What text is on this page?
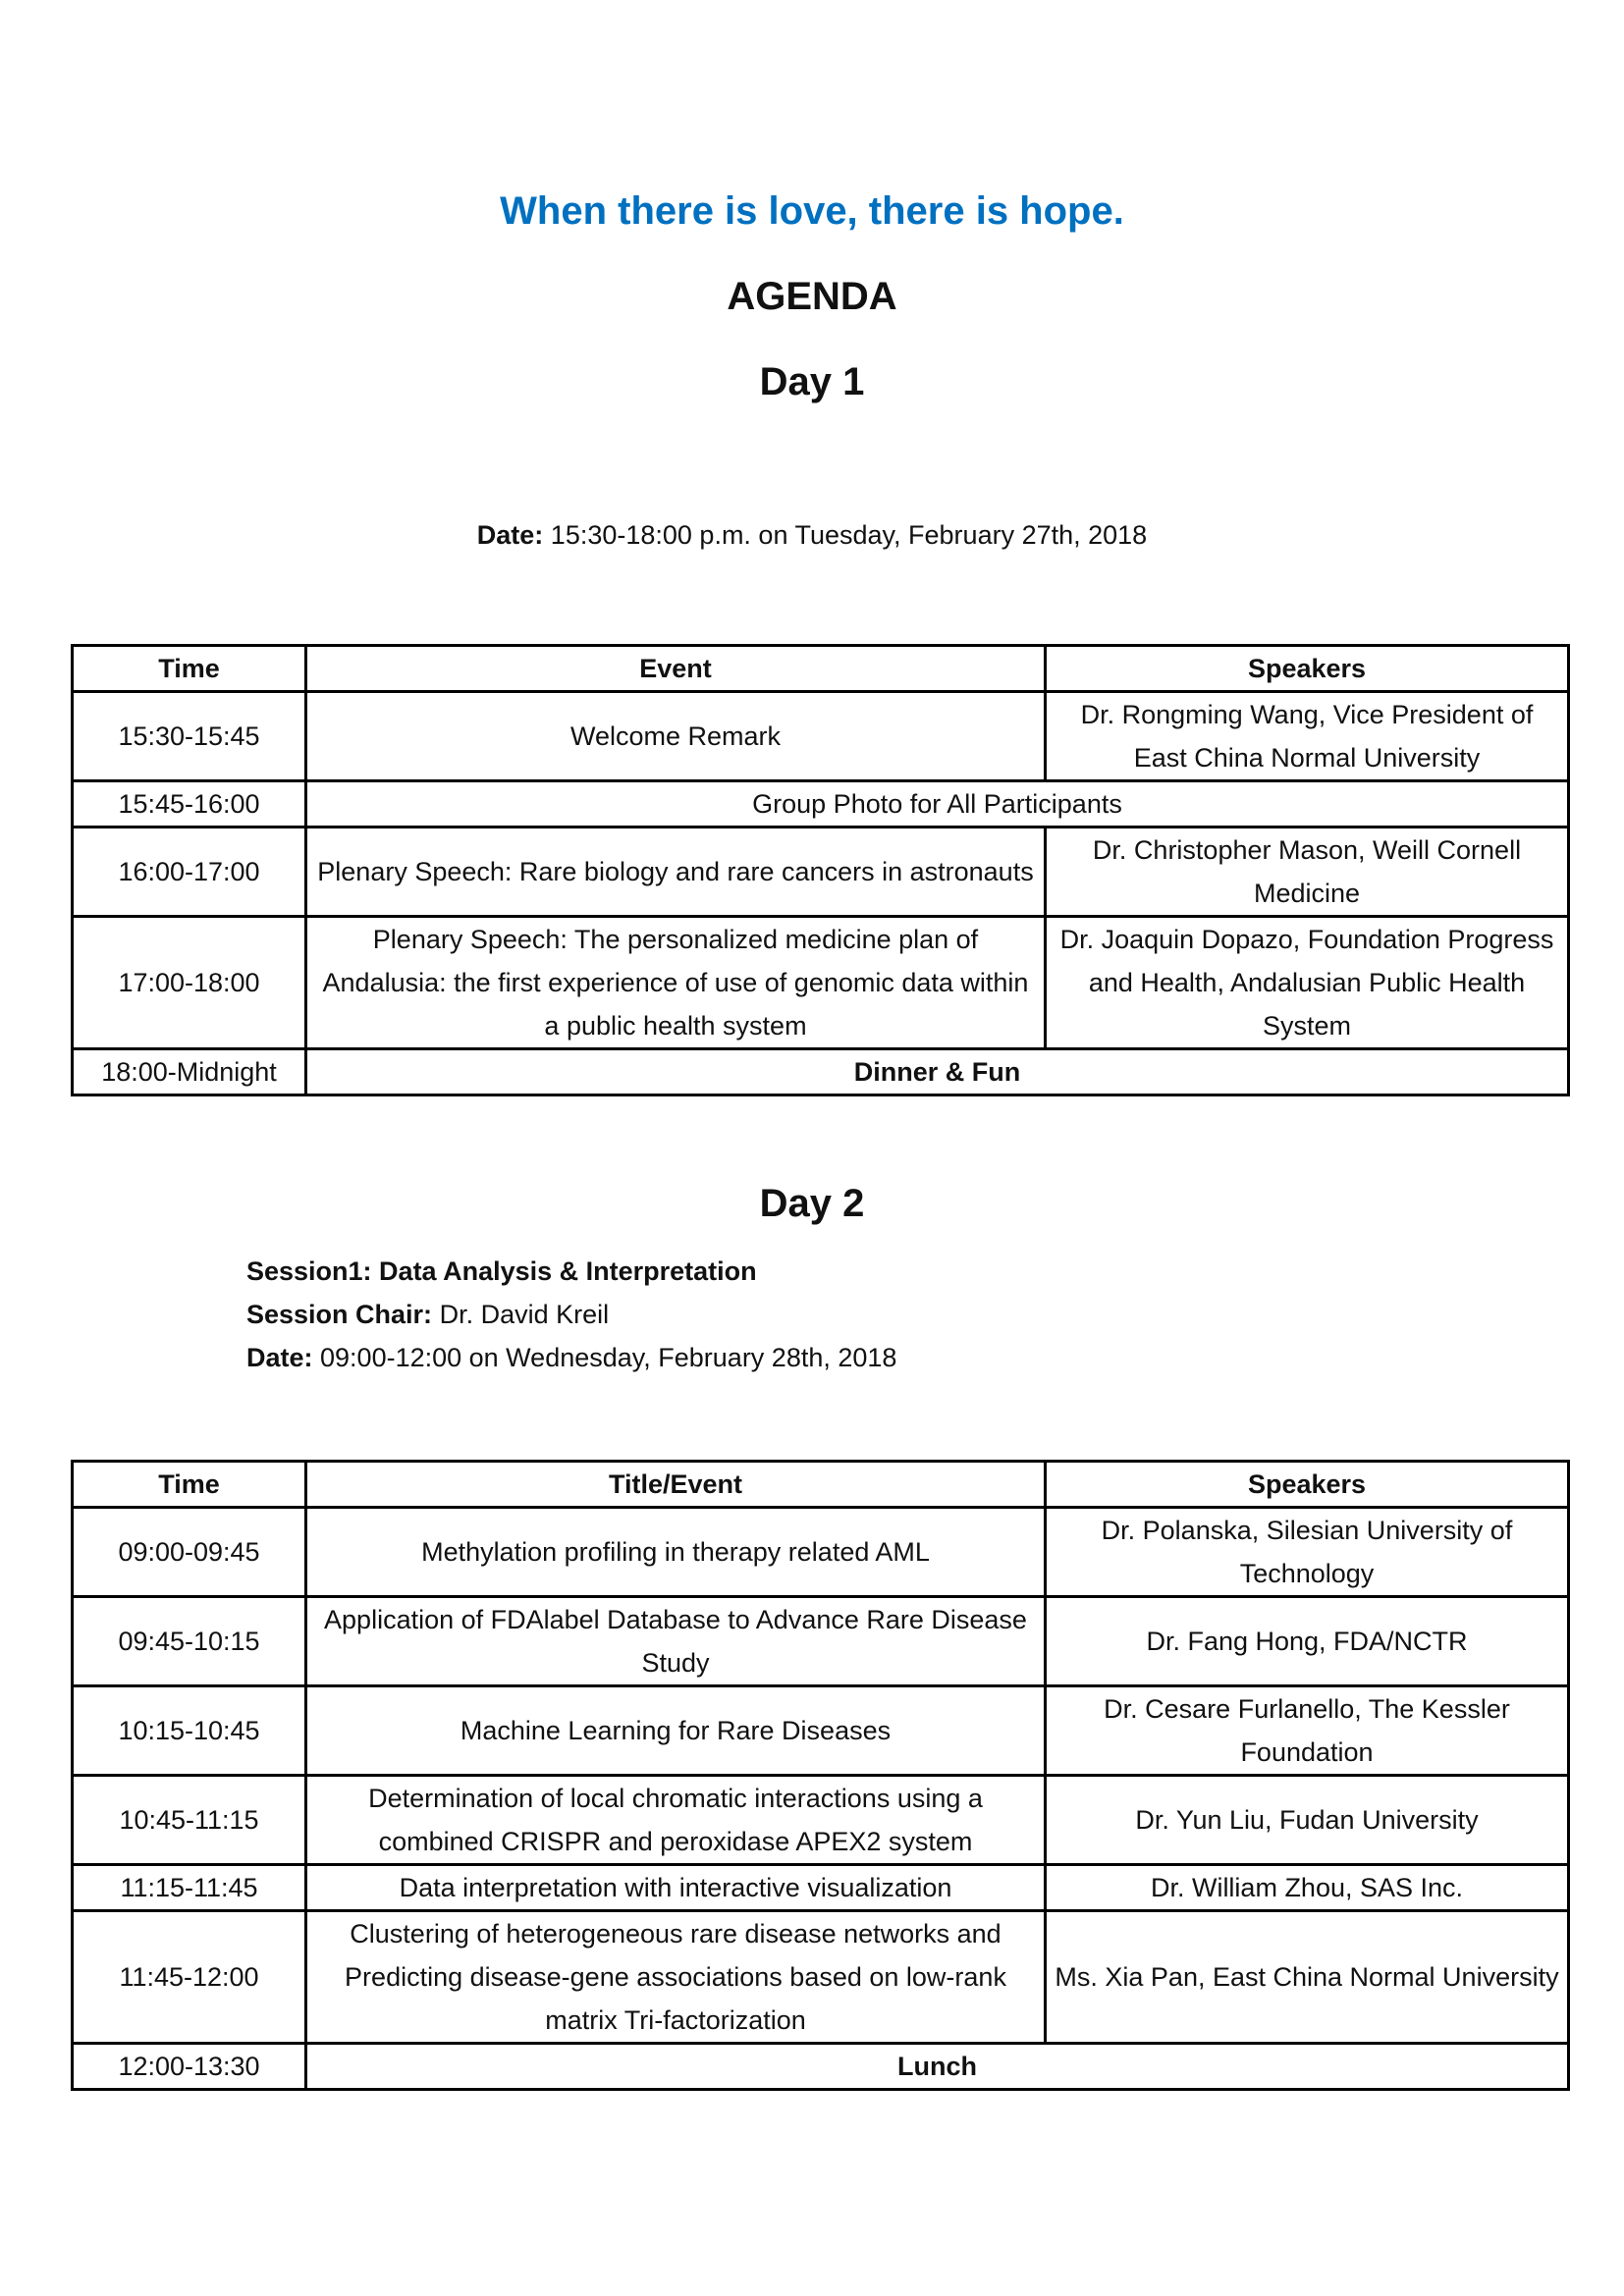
When there is love, there is hope.
AGENDA
Day 1
Date: 15:30-18:00 p.m. on Tuesday, February 27th, 2018
Time	Event	Speakers
15:30-15:45	Welcome Remark	Dr. Rongming Wang, Vice President of East China Normal University
15:45-16:00	Group Photo for All Participants	
16:00-17:00	Plenary Speech: Rare biology and rare cancers in astronauts	Dr. Christopher Mason, Weill Cornell Medicine
17:00-18:00	Plenary Speech: The personalized medicine plan of Andalusia: the first experience of use of genomic data within a public health system	Dr. Joaquin Dopazo, Foundation Progress and Health, Andalusian Public Health System
18:00-Midnight	Dinner & Fun	
Day 2
Session1: Data Analysis & Interpretation
Session Chair: Dr. David Kreil
Date: 09:00-12:00 on Wednesday, February 28th, 2018
Time	Title/Event	Speakers
09:00-09:45	Methylation profiling in therapy related AML	Dr. Polanska, Silesian University of Technology
09:45-10:15	Application of FDAlabel Database to Advance Rare Disease Study	Dr. Fang Hong, FDA/NCTR
10:15-10:45	Machine Learning for Rare Diseases	Dr. Cesare Furlanello, The Kessler Foundation
10:45-11:15	Determination of local chromatic interactions using a combined CRISPR and peroxidase APEX2 system	Dr. Yun Liu, Fudan University
11:15-11:45	Data interpretation with interactive visualization	Dr. William Zhou, SAS Inc.
11:45-12:00	Clustering of heterogeneous rare disease networks and Predicting disease-gene associations based on low-rank matrix Tri-factorization	Ms. Xia Pan, East China Normal University
12:00-13:30	Lunch	
